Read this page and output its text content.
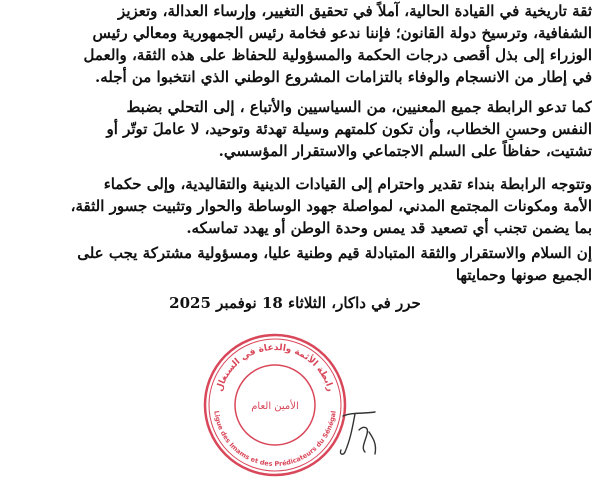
ثقة تاريخية في القيادة الحالية، آملاً في تحقيق التغيير، وإرساء العدالة، وتعزيز
الشفافية، وترسيخ دولة القانون؛ فإننا ندعو فخامة رئيس الجمهورية ومعالي رئيس
الوزراء إلى بذل أقصى درجات الحكمة والمسؤولية للحفاظ على هذه الثقة، والعمل
في إطار من الانسجام والوفاء بالتزامات المشروع الوطني الذي انتخبوا من أجله.

كما تدعو الرابطة جميع المعنيين، من السياسيين والأتباع ، إلى التحلي بضبط
النفس وحسنِ الخطاب، وأن تكون كلمتهم وسيلة تهدئة وتوحيد، لا عاملَ توتّر أو
تشتيت، حفاظاً على السلم الاجتماعي والاستقرار المؤسسي.

وتتوجه الرابطة بنداء تقدير واحترام إلى القيادات الدينية والتقاليدية، وإلى حكماء
الأمة ومكونات المجتمع المدني، لمواصلة جهود الوساطة والحوار وتثبيت جسور الثقة،
بما يضمن تجنب أي تصعيد قد يمس وحدة الوطن أو يهدد تماسكه.

إن السلام والاستقرار والثقة المتبادلة قيم وطنية عليا، ومسؤولية مشتركة يجب على
الجميع صونها وحمايتها

حرر في داكار، الثلاثاء 18 نوفمبر 2025
رابطة الأئمة والدعاة في السنغال
Ligue des Imams et des Prédicateurs du Sénégal
الأمين العام
